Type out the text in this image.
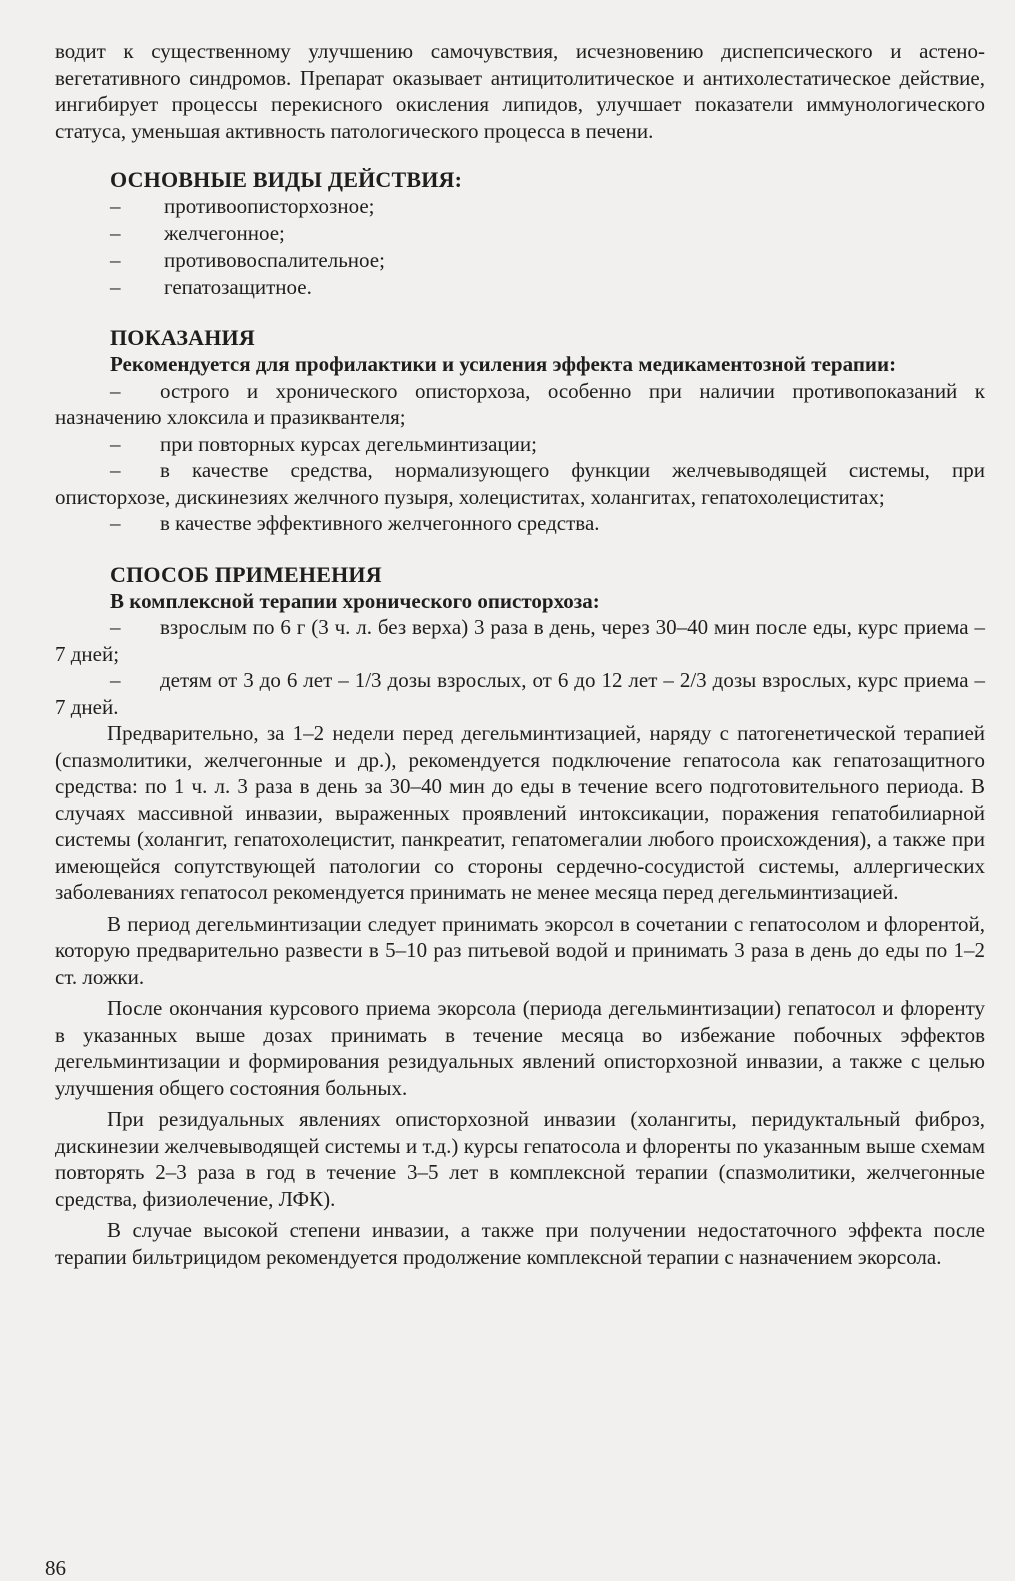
водит к существенному улучшению самочувствия, исчезновению диспепсического и астено-вегетативного синдромов. Препарат оказывает антицитолитическое и антихолестатическое действие, ингибирует процессы перекисного окисления липидов, улучшает показатели иммунологического статуса, уменьшая активность патологического процесса в печени.

ОСНОВНЫЕ ВИДЫ ДЕЙСТВИЯ:
–	противоописторхозное;
–	желчегонное;
–	противовоспалительное;
–	гепатозащитное.
ПОКАЗАНИЯ

Рекомендуется для профилактики и усиления эффекта медикаментозной терапии:

– острого и хронического описторхоза, особенно при наличии противопоказаний к назначению хлоксила и празиквантеля;

– при повторных курсах дегельминтизации;

– в качестве средства, нормализующего функции желчевыводящей системы, при описторхозе, дискинезиях желчного пузыря, холециститах, холангитах, гепатохолециститах;

– в качестве эффективного желчегонного средства.

СПОСОБ ПРИМЕНЕНИЯ

В комплексной терапии хронического описторхоза:

– взрослым по 6 г (3 ч. л. без верха) 3 раза в день, через 30–40 мин после еды, курс приема – 7 дней;

– детям от 3 до 6 лет – 1/3 дозы взрослых, от 6 до 12 лет – 2/3 дозы взрослых, курс приема – 7 дней.

Предварительно, за 1–2 недели перед дегельминтизацией, наряду с патогенетической терапией (спазмолитики, желчегонные и др.), рекомендуется подключение гепатосола как гепатозащитного средства: по 1 ч. л. 3 раза в день за 30–40 мин до еды в течение всего подготовительного периода. В случаях массивной инвазии, выраженных проявлений интоксикации, поражения гепатобилиарной системы (холангит, гепатохолецистит, панкреатит, гепатомегалии любого происхождения), а также при имеющейся сопутствующей патологии со стороны сердечно-сосудистой системы, аллергических заболеваниях гепатосол рекомендуется принимать не менее месяца перед дегельминтизацией.

В период дегельминтизации следует принимать экорсол в сочетании с гепатосолом и флорентой, которую предварительно развести в 5–10 раз питьевой водой и принимать 3 раза в день до еды по 1–2 ст. ложки.

После окончания курсового приема экорсола (периода дегельминтизации) гепатосол и флоренту в указанных выше дозах принимать в течение месяца во избежание побочных эффектов дегельминтизации и формирования резидуальных явлений описторхозной инвазии, а также с целью улучшения общего состояния больных.

При резидуальных явлениях описторхозной инвазии (холангиты, перидуктальный фиброз, дискинезии желчевыводящей системы и т.д.) курсы гепатосола и флоренты по указанным выше схемам повторять 2–3 раза в год в течение 3–5 лет в комплексной терапии (спазмолитики, желчегонные средства, физиолечение, ЛФК).

В случае высокой степени инвазии, а также при получении недостаточного эффекта после терапии бильтрицидом рекомендуется продолжение комплексной терапии с назначением экорсола.

86
